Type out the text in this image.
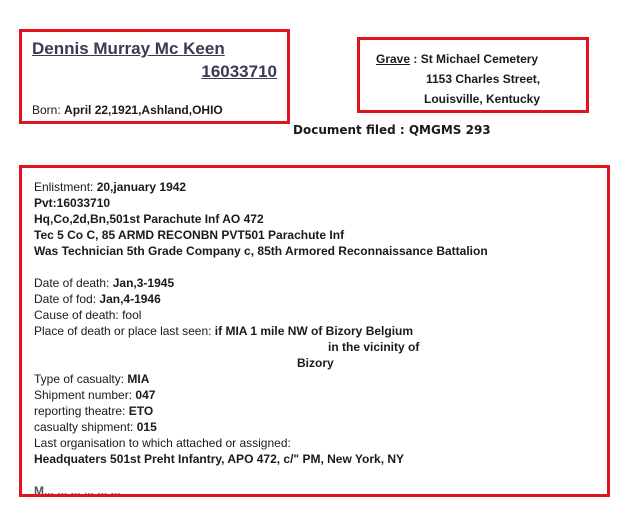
Dennis Murray Mc Keen
16033710
Born: April 22,1921,Ashland,OHIO
Grave : St Michael Cemetery
1153 Charles Street,
Louisville, Kentucky
Document filed : QMGMS 293
Enlistment: 20,january 1942
Pvt:16033710
Hq,Co,2d,Bn,501st Parachute Inf AO 472
Tec 5 Co C, 85 ARMD RECONBN PVT501 Parachute Inf
Was Technician 5th Grade Company c, 85th Armored Reconnaissance Battalion
Date of death: Jan,3-1945
Date of fod: Jan,4-1946
Cause of death: fool
Place of death or place last seen: if MIA 1 mile NW of Bizory Belgium
in the vicinity of
Bizory
Type of casualty: MIA
Shipment number: 047
reporting theatre: ETO
casualty shipment: 015
Last organisation to which attached or assigned:
Headquaters 501st Preht Infantry, APO 472, c/" PM, New York, NY
M... ... ... ... ... ...
